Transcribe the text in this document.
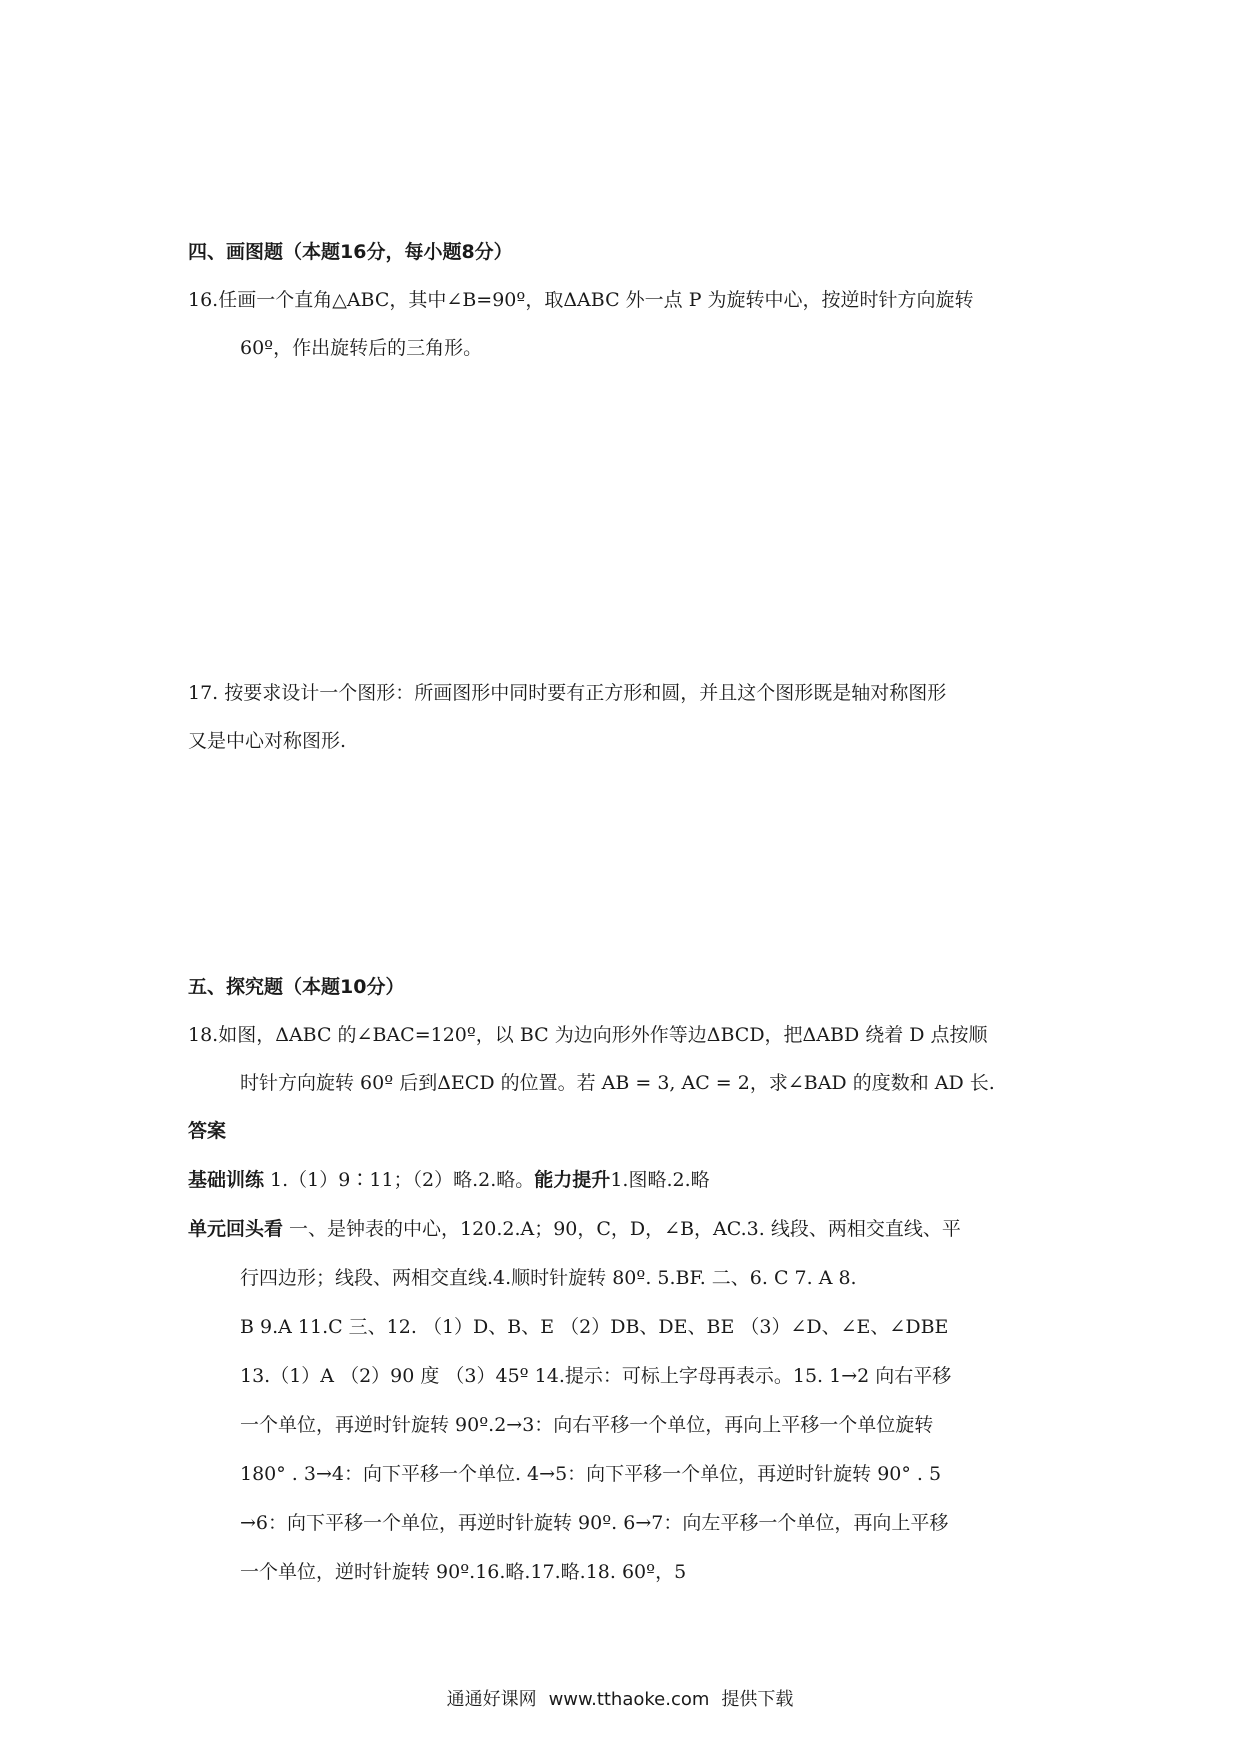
四、画图题（本题16分，每小题8分）
16.任画一个直角△ABC，其中∠B=90º，取ΔABC 外一点 P 为旋转中心，按逆时针方向旋转
60º，作出旋转后的三角形。
17. 按要求设计一个图形：所画图形中同时要有正方形和圆，并且这个图形既是轴对称图形
又是中心对称图形.
五、探究题（本题10分）
18.如图，ΔABC 的∠BAC=120º，以 BC 为边向形外作等边ΔBCD，把ΔABD 绕着 D 点按顺
时针方向旋转 60º 后到ΔECD 的位置。若 AB = 3, AC = 2，求∠BAD 的度数和 AD 长.
答案
基础训练 1.（1）9∶11；（2）略.2.略。能力提升1.图略.2.略
单元回头看 一、是钟表的中心，120.2.A；90，C，D，∠B，AC.3. 线段、两相交直线、平
行四边形；线段、两相交直线.4.顺时针旋转 80º. 5.BF. 二、6. C 7. A 8.
B 9.A 11.C 三、12. （1）D、B、E （2）DB、DE、BE （3）∠D、∠E、∠DBE
13.（1）A （2）90 度 （3）45º 14.提示：可标上字母再表示。15. 1→2 向右平移
一个单位，再逆时针旋转 90º.2→3：向右平移一个单位，再向上平移一个单位旋转
180° . 3→4：向下平移一个单位. 4→5：向下平移一个单位，再逆时针旋转 90° . 5
→6：向下平移一个单位，再逆时针旋转 90º. 6→7：向左平移一个单位，再向上平移
一个单位，逆时针旋转 90º.16.略.17.略.18. 60º，5
通通好课网 www.tthaoke.com 提供下载
